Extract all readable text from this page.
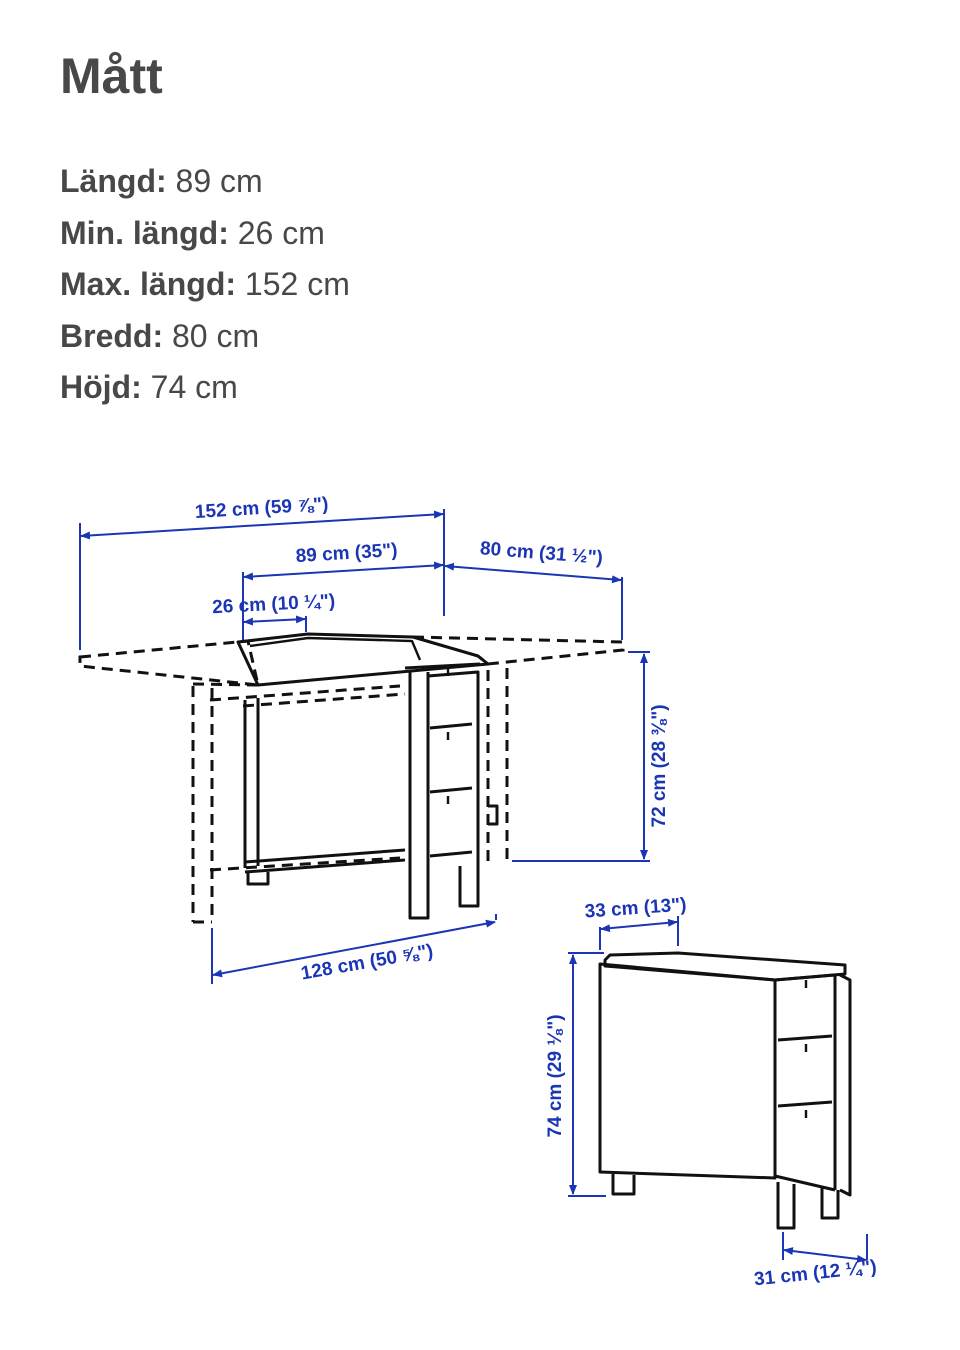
Mått
Längd: 89 cm
Min. längd: 26 cm
Max. längd: 152 cm
Bredd: 80 cm
Höjd: 74 cm
152 cm (59 ⅞")
89 cm (35")
26 cm (10 ¼")
80 cm (31 ½")
72 cm (28 ⅜")
128 cm (50 ⅝")
33 cm (13")
74 cm (29 ⅛")
31 cm (12 ¼")
